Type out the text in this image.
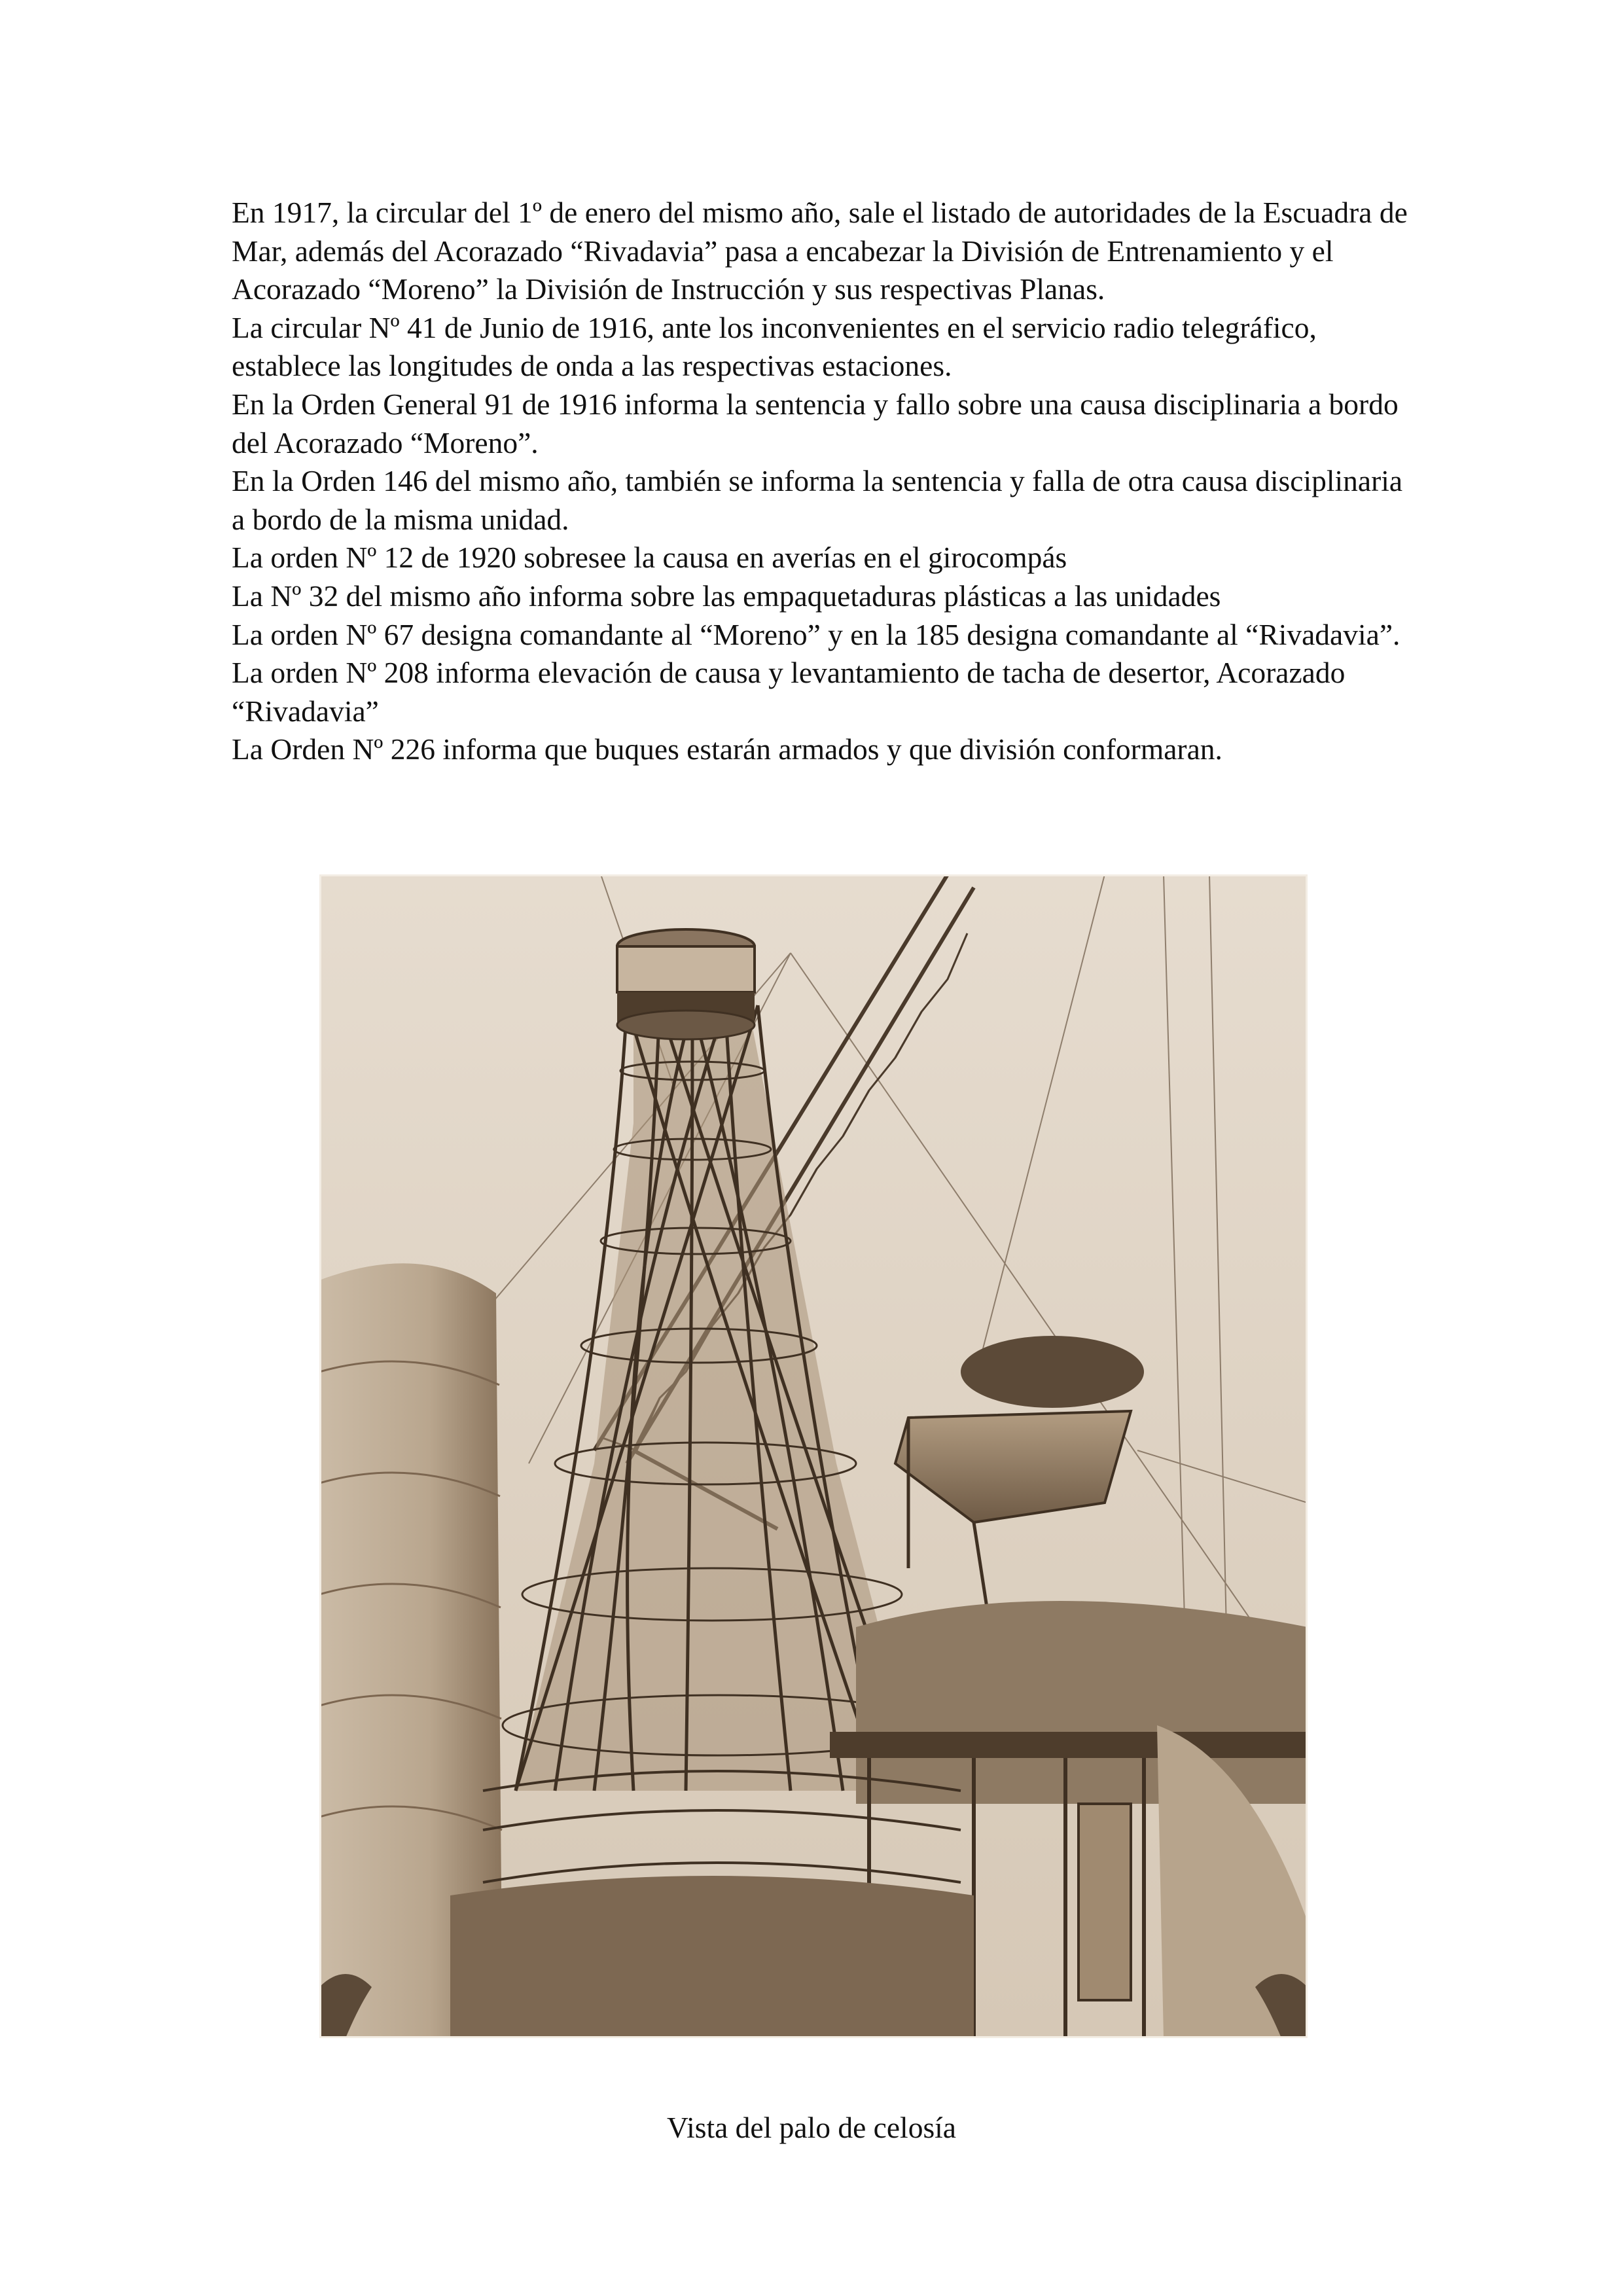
En 1917, la circular del 1º de enero del mismo año, sale el listado de autoridades de la Escuadra de Mar, además del Acorazado “Rivadavia” pasa a encabezar la División de Entrenamiento y el Acorazado “Moreno” la División de Instrucción y sus respectivas Planas.

La circular Nº 41 de Junio de 1916, ante los inconvenientes en el servicio radio telegráfico, establece las longitudes de onda a las respectivas estaciones.

En la Orden General 91 de 1916 informa la sentencia y fallo sobre una causa disciplinaria a bordo del Acorazado “Moreno”.

En la Orden 146 del mismo año, también se informa la sentencia y falla de otra causa disciplinaria a bordo de la misma unidad.

La orden Nº 12 de 1920 sobresee la causa en averías en el girocompás

La Nº 32 del mismo año informa sobre las empaquetaduras plásticas a las unidades

La orden Nº 67 designa comandante al “Moreno” y en la 185 designa comandante al “Rivadavia”.

La orden Nº 208 informa elevación de causa y levantamiento de tacha de desertor, Acorazado “Rivadavia”

La Orden Nº 226 informa que buques estarán armados y que división conformaran.

Vista del palo de celosía
